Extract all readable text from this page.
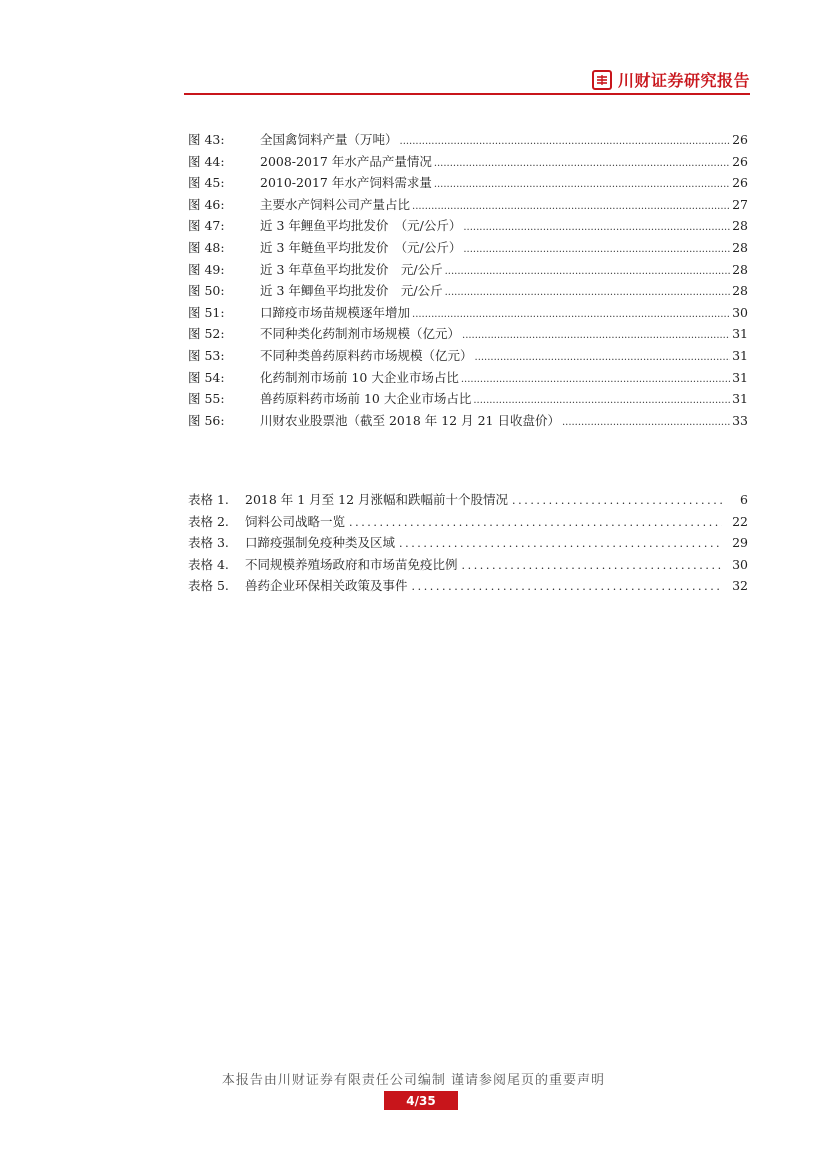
川财证券研究报告
图 43:	全国禽饲料产量（万吨） .....	26
图 44:	2008-2017 年水产品产量情况 .....	26
图 45:	2010-2017 年水产饲料需求量 .....	26
图 46:	主要水产饲料公司产量占比 .....	27
图 47:	近 3 年鲤鱼平均批发价　（元/公斤） .....	28
图 48:	近 3 年鲢鱼平均批发价　（元/公斤） .....	28
图 49:	近 3 年草鱼平均批发价　元/公斤 .....	28
图 50:	近 3 年鲫鱼平均批发价　元/公斤 .....	28
图 51:	口蹄疫市场苗规模逐年增加 .....	30
图 52:	不同种类化药制剂市场规模（亿元） .....	31
图 53:	不同种类兽药原料药市场规模（亿元） .....	31
图 54:	化药制剂市场前 10 大企业市场占比 .....	31
图 55:	兽药原料药市场前 10 大企业市场占比 .....	31
图 56:	川财农业股票池（截至 2018 年 12 月 21 日收盘价） .....	33
表格 1.	2018 年 1 月至 12 月涨幅和跌幅前十个股情况 .....	6
表格 2.	饲料公司战略一览 .....	22
表格 3.	口蹄疫强制免疫种类及区域 .....	29
表格 4.	不同规模养殖场政府和市场苗免疫比例 .....	30
表格 5.	兽药企业环保相关政策及事件 .....	32
本报告由川财证券有限责任公司编制 谨请参阅尾页的重要声明
4/35
